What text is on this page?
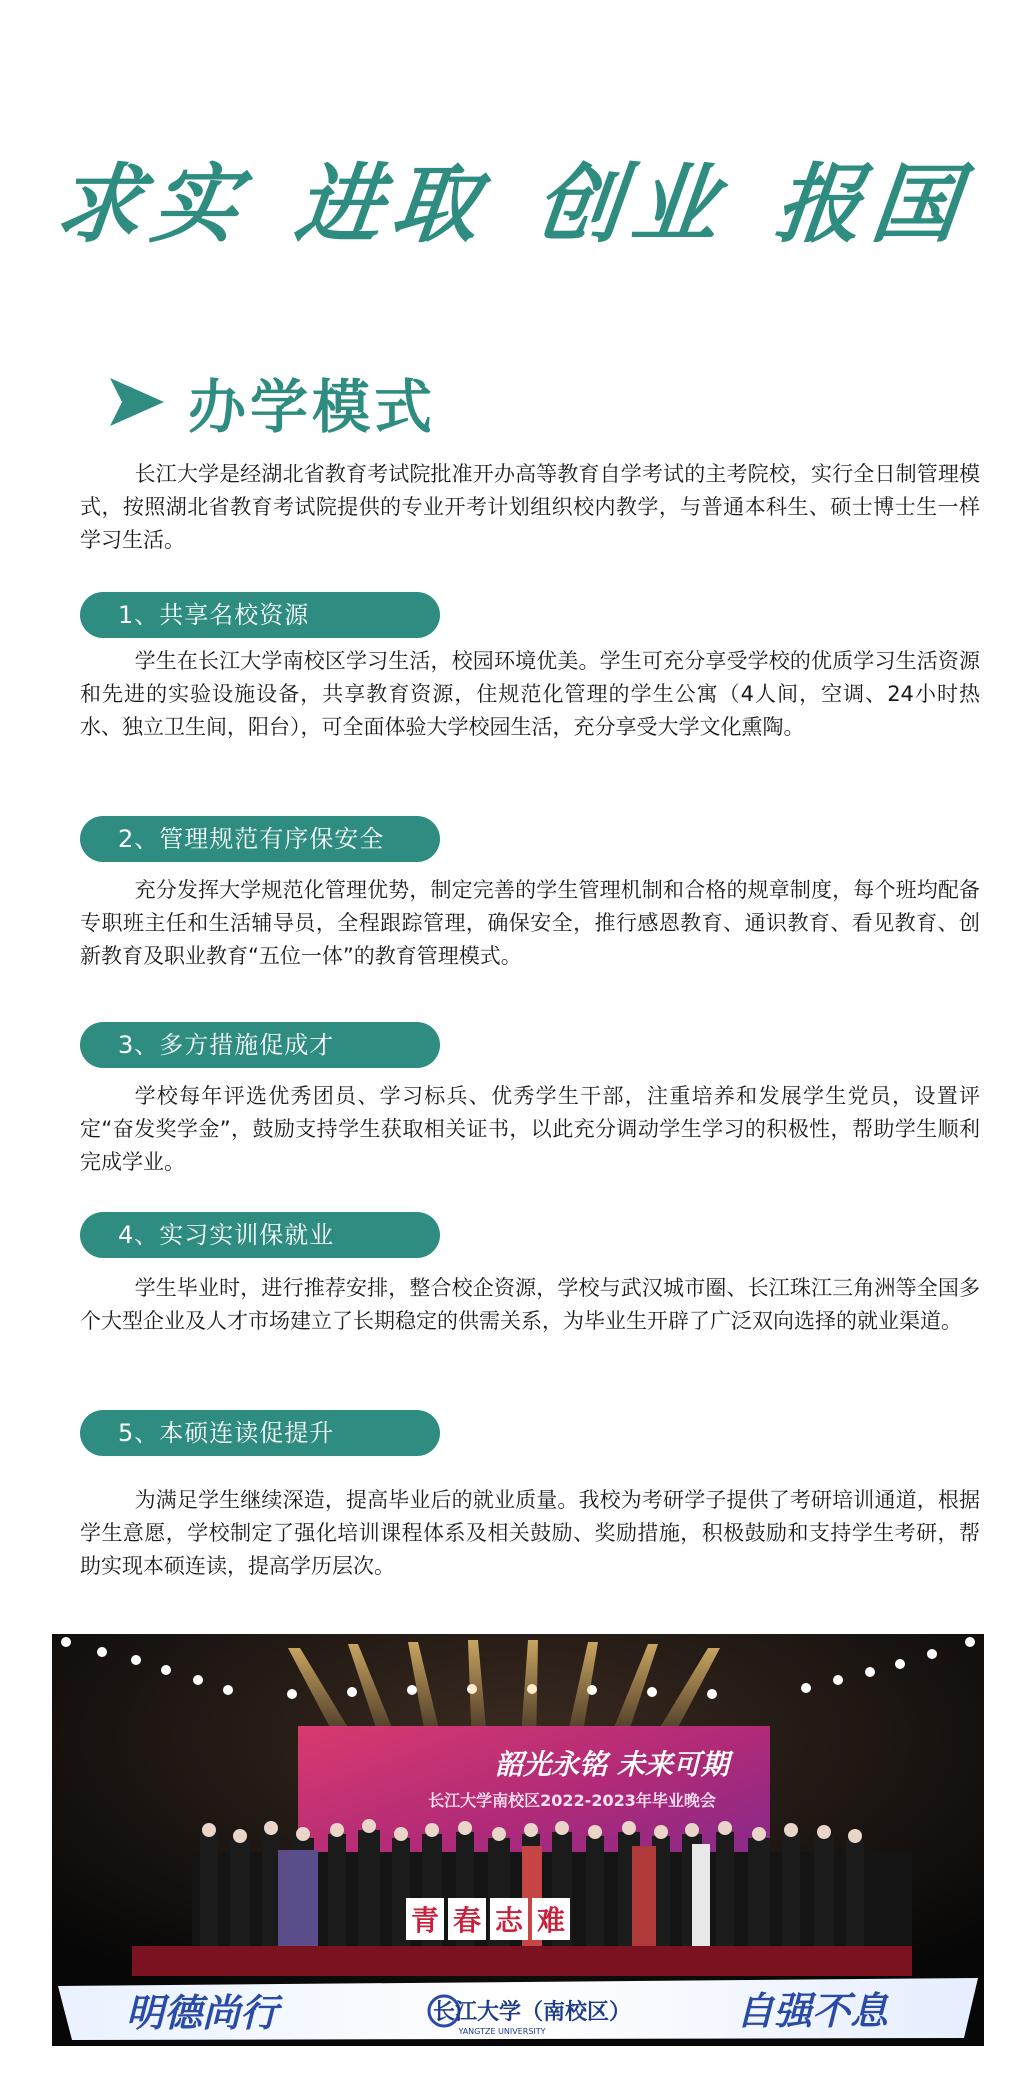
求实 进取 创业 报国
办学模式

长江大学是经湖北省教育考试院批准开办高等教育自学考试的主考院校，实行全日制管理模式，按照湖北省教育考试院提供的专业开考计划组织校内教学，与普通本科生、硕士博士生一样学习生活。

1、共享名校资源

学生在长江大学南校区学习生活，校园环境优美。学生可充分享受学校的优质学习生活资源和先进的实验设施设备，共享教育资源，住规范化管理的学生公寓（4人间，空调、24小时热水、独立卫生间，阳台），可全面体验大学校园生活，充分享受大学文化熏陶。

2、管理规范有序保安全

充分发挥大学规范化管理优势，制定完善的学生管理机制和合格的规章制度，每个班均配备专职班主任和生活辅导员，全程跟踪管理，确保安全，推行感恩教育、通识教育、看见教育、创新教育及职业教育“五位一体”的教育管理模式。

3、多方措施促成才

学校每年评选优秀团员、学习标兵、优秀学生干部，注重培养和发展学生党员，设置评定“奋发奖学金”，鼓励支持学生获取相关证书，以此充分调动学生学习的积极性，帮助学生顺利完成学业。

4、实习实训保就业

学生毕业时，进行推荐安排，整合校企资源，学校与武汉城市圈、长江珠江三角洲等全国多个大型企业及人才市场建立了长期稳定的供需关系，为毕业生开辟了广泛双向选择的就业渠道。

5、本硕连读促提升

为满足学生继续深造，提高毕业后的就业质量。我校为考研学子提供了考研培训通道，根据学生意愿，学校制定了强化培训课程体系及相关鼓励、奖励措施，积极鼓励和支持学生考研，帮助实现本硕连读，提高学历层次。

韶光永铭 未来可期
长江大学南校区2022-2023年毕业晚会
青 春 志 难
明德尚行	长江大学（南校区）
YANGTZE UNIVERSITY	自强不息
